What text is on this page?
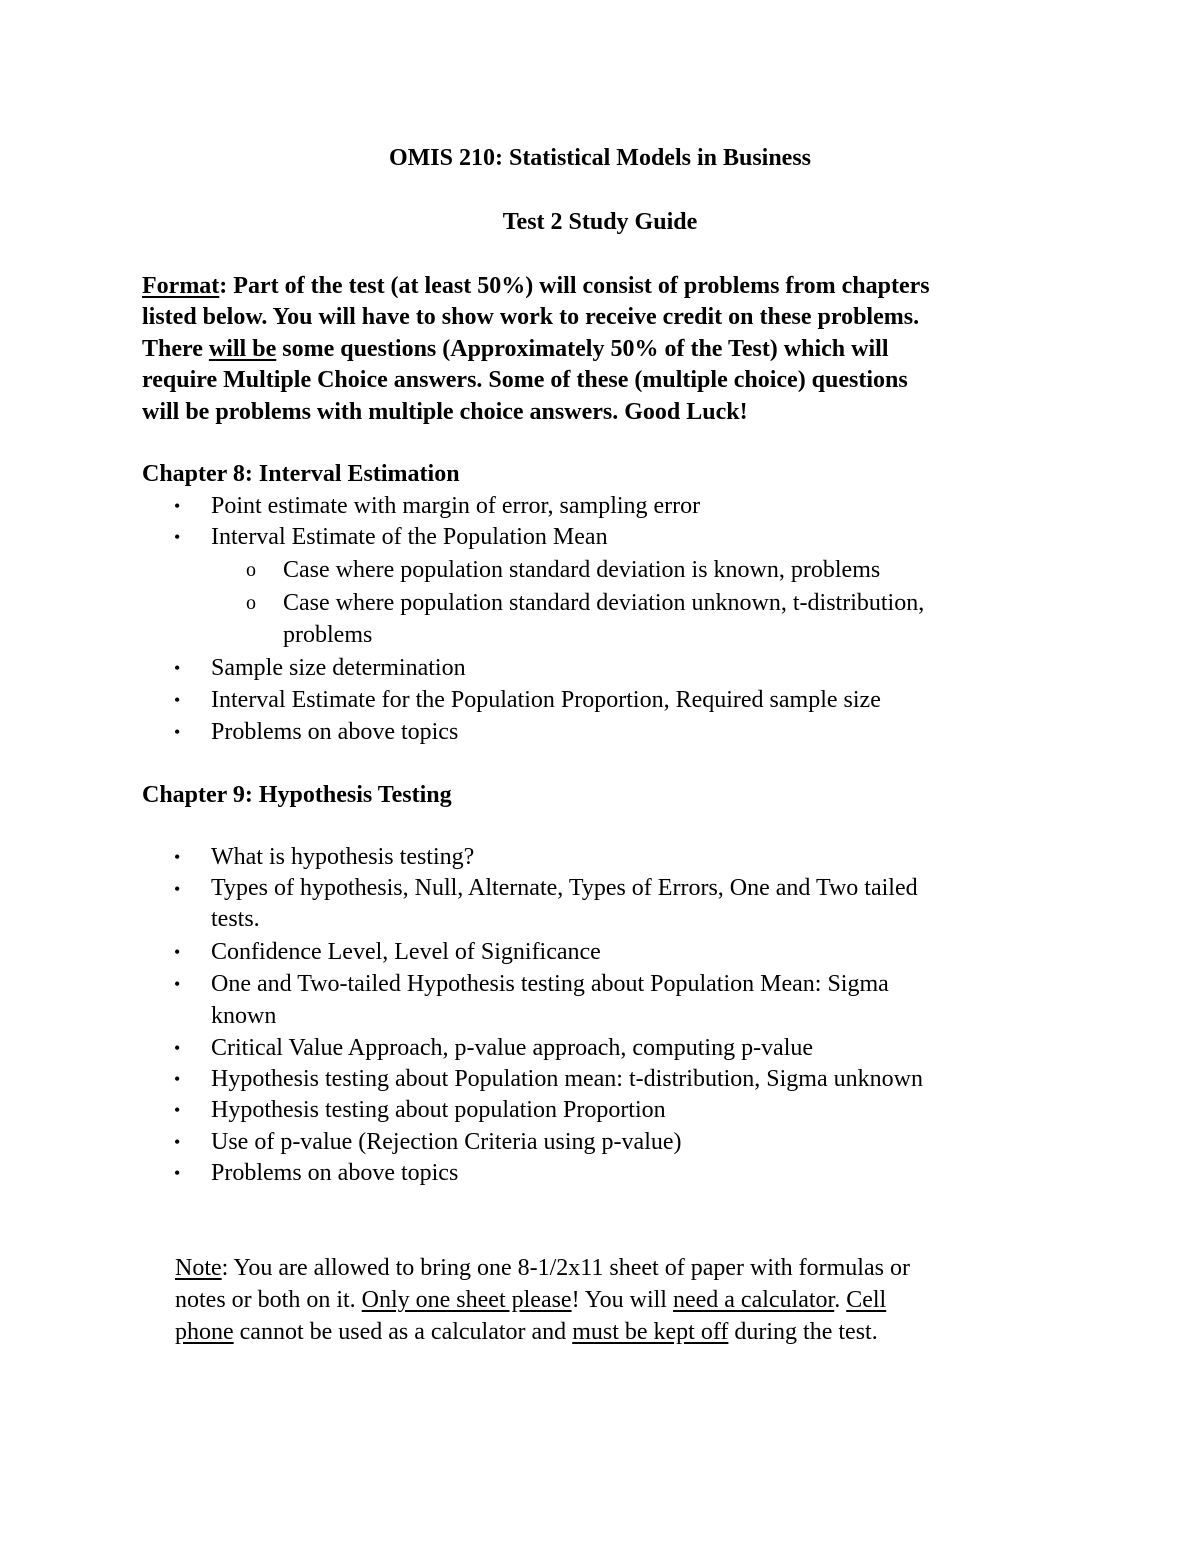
OMIS 210: Statistical Models in Business
Test 2 Study Guide
Format: Part of the test (at least 50%) will consist of problems from chapters
listed below. You will have to show work to receive credit on these problems.
There will be some questions (Approximately 50% of the Test) which will
require Multiple Choice answers. Some of these (multiple choice) questions
will be problems with multiple choice answers. Good Luck!
Chapter 8: Interval Estimation
•	Point estimate with margin of error, sampling error
•	Interval Estimate of the Population Mean
o Case where population standard deviation is known, problems
o Case where population standard deviation unknown, t-distribution,
problems
•	Sample size determination
•	Interval Estimate for the Population Proportion, Required sample size
•	Problems on above topics
Chapter 9: Hypothesis Testing
•	What is hypothesis testing?
•	Types of hypothesis, Null, Alternate, Types of Errors, One and Two tailed
tests.
•	Confidence Level, Level of Significance
•	One and Two-tailed Hypothesis testing about Population Mean: Sigma
known
•	Critical Value Approach, p-value approach, computing p-value
•	Hypothesis testing about Population mean: t-distribution, Sigma unknown
•	Hypothesis testing about population Proportion
•	Use of p-value (Rejection Criteria using p-value)
•	Problems on above topics
Note: You are allowed to bring one 8-1/2x11 sheet of paper with formulas or
notes or both on it. Only one sheet please! You will need a calculator. Cell
phone cannot be used as a calculator and must be kept off during the test.
